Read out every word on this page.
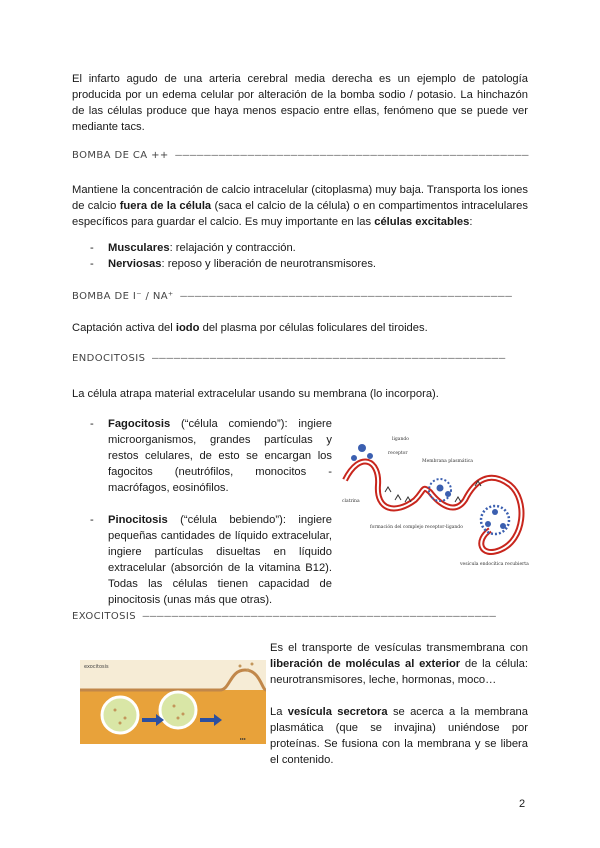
El infarto agudo de una arteria cerebral media derecha es un ejemplo de patología producida por un edema celular por alteración de la bomba sodio / potasio. La hinchazón de las células produce que haya menos espacio entre ellas, fenómeno que se puede ver mediante tacs.
BOMBA DE CA ++ —————————————————————————————————————————————————
Mantiene la concentración de calcio intracelular (citoplasma) muy baja. Transporta los iones de calcio fuera de la célula (saca el calcio de la célula) o en compartimentos intracelulares específicos para guardar el calcio. Es muy importante en las células excitables:
-	Musculares: relajación y contracción.
-	Nerviosas: reposo y liberación de neurotransmisores.
BOMBA DE I⁻ / NA⁺ ——————————————————————————————————————————————
Captación activa del iodo del plasma por células foliculares del tiroides.
ENDOCITOSIS —————————————————————————————————————————————————
La célula atrapa material extracelular usando su membrana (lo incorpora).
-	Fagocitosis (“célula comiendo”): ingiere microorganismos, grandes partículas y restos celulares, de esto se encargan los fagocitos (neutrófilos, monocitos - macrófagos, eosinófilos.
-	Pinocitosis (“célula bebiendo”): ingiere pequeñas cantidades de líquido extracelular, ingiere partículas disueltas en líquido extracelular (absorción de la vitamina B12). Todas las células tienen capacidad de pinocitosis (unas más que otras).
ligando
receptor
Membrana plasmática
clatrina
formación del complejo receptor-ligando
vesícula endocítica recubierta
EXOCITOSIS —————————————————————————————————————————————————
exocitosis
▸▸▸
Es el transporte de vesículas transmembrana con liberación de moléculas al exterior de la célula: neurotransmisores, leche, hormonas, moco…
La vesícula secretora se acerca a la membrana plasmática (que se invajina) uniéndose por proteínas. Se fusiona con la membrana y se libera el contenido.
2
